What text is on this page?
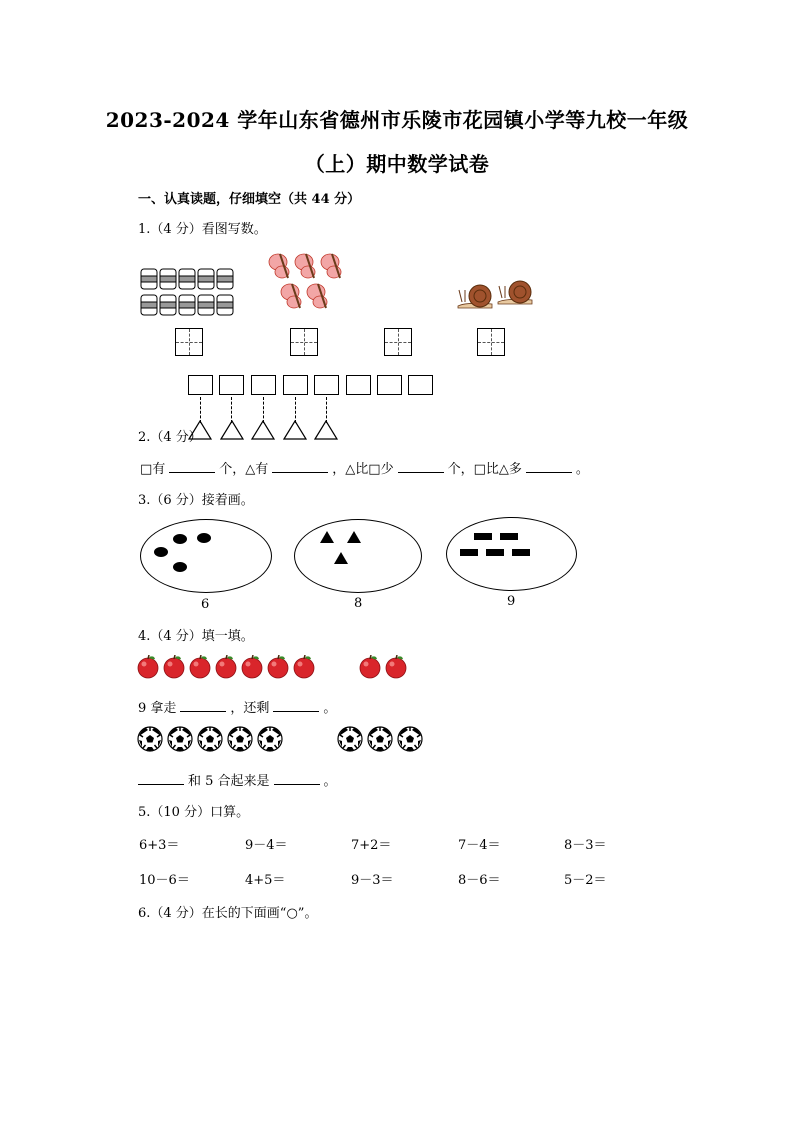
2023-2024 学年山东省德州市乐陵市花园镇小学等九校一年级
（上）期中数学试卷
一、认真读题，仔细填空（共 44 分）
1.（4 分）看图写数。
2.（4 分）
□有	个，△有	，△比□少	个，□比△多	。
3.（6 分）接着画。
6	8	9
4.（4 分）填一填。
9 拿走	，还剩	。
和 5 合起来是	。
5.（10 分）口算。
6+3＝	9－4＝	7+2＝	7－4＝	8－3＝
10－6＝	4+5＝	9－3＝	8－6＝	5－2＝
6.（4 分）在长的下面画“○”。
